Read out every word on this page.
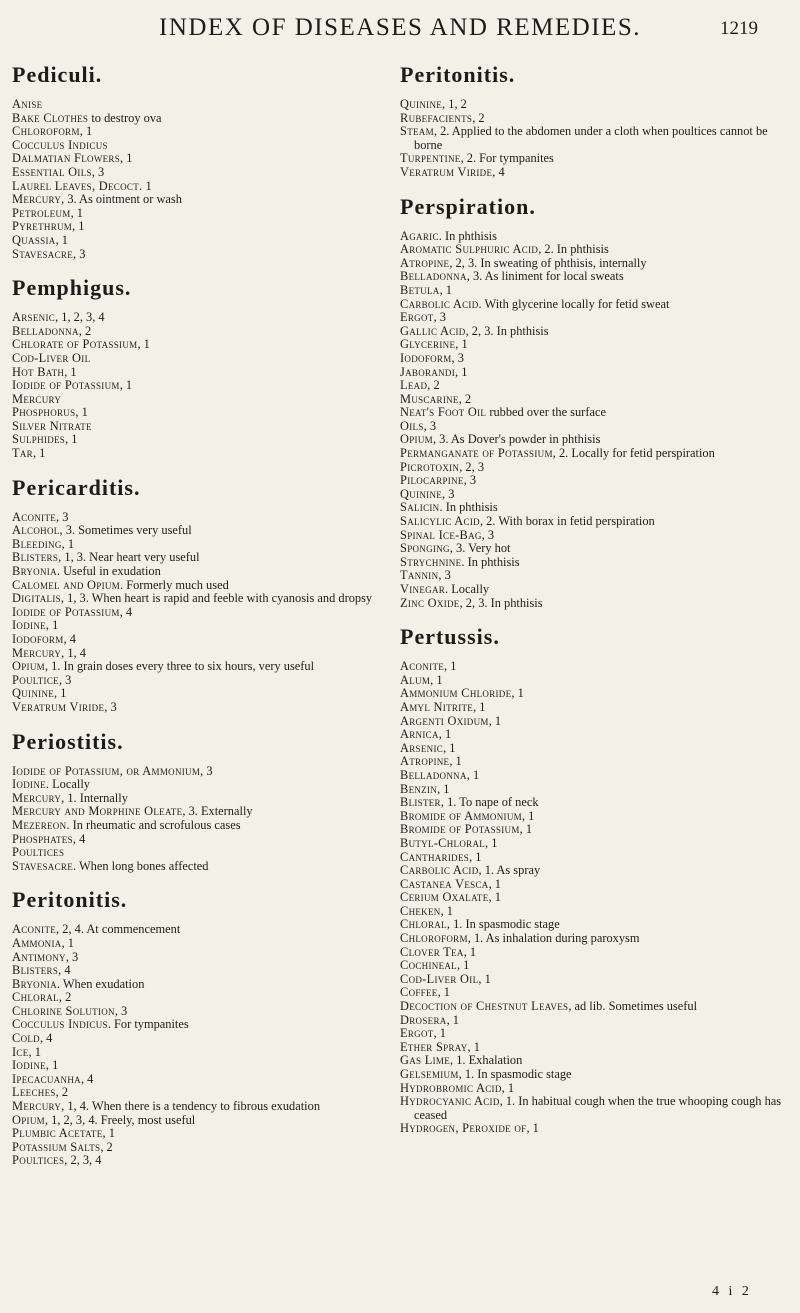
INDEX OF DISEASES AND REMEDIES.	1219
Pediculi.
Anise
Bake Clothes to destroy ova
Chloroform, 1
Cocculus Indicus
Dalmatian Flowers, 1
Essential Oils, 3
Laurel Leaves, Decoct. 1
Mercury, 3. As ointment or wash
Petroleum, 1
Pyrethrum, 1
Quassia, 1
Stavesacre, 3
Pemphigus.
Arsenic, 1, 2, 3, 4
Belladonna, 2
Chlorate of Potassium, 1
Cod-Liver Oil
Hot Bath, 1
Iodide of Potassium, 1
Mercury
Phosphorus, 1
Silver Nitrate
Sulphides, 1
Tar, 1
Pericarditis.
Aconite, 3
Alcohol, 3. Sometimes very useful
Bleeding, 1
Blisters, 1, 3. Near heart very useful
Bryonia. Useful in exudation
Calomel and Opium. Formerly much used
Digitalis, 1, 3. When heart is rapid and feeble with cyanosis and dropsy
Iodide of Potassium, 4
Iodine, 1
Iodoform, 4
Mercury, 1, 4
Opium, 1. In grain doses every three to six hours, very useful
Poultice, 3
Quinine, 1
Veratrum Viride, 3
Periostitis.
Iodide of Potassium, or Ammonium, 3
Iodine. Locally
Mercury, 1. Internally
Mercury and Morphine Oleate, 3. Externally
Mezereon. In rheumatic and scrofulous cases
Phosphates, 4
Poultices
Stavesacre. When long bones affected
Peritonitis.
Aconite, 2, 4. At commencement
Ammonia, 1
Antimony, 3
Blisters, 4
Bryonia. When exudation
Chloral, 2
Chlorine Solution, 3
Cocculus Indicus. For tympanites
Cold, 4
Ice, 1
Iodine, 1
Ipecacuanha, 4
Leeches, 2
Mercury, 1, 4. When there is a tendency to fibrous exudation
Opium, 1, 2, 3, 4. Freely, most useful
Plumbic Acetate, 1
Potassium Salts, 2
Poultices, 2, 3, 4
Peritonitis.
Quinine, 1, 2
Rubefacients, 2
Steam, 2. Applied to the abdomen under a cloth when poultices cannot be borne
Turpentine, 2. For tympanites
Veratrum Viride, 4
Perspiration.
Agaric. In phthisis
Aromatic Sulphuric Acid, 2. In phthisis
Atropine, 2, 3. In sweating of phthisis, internally
Belladonna, 3. As liniment for local sweats
Betula, 1
Carbolic Acid. With glycerine locally for fetid sweat
Ergot, 3
Gallic Acid, 2, 3. In phthisis
Glycerine, 1
Iodoform, 3
Jaborandi, 1
Lead, 2
Muscarine, 2
Neat's Foot Oil rubbed over the surface
Oils, 3
Opium, 3. As Dover's powder in phthisis
Permanganate of Potassium, 2. Locally for fetid perspiration
Picrotoxin, 2, 3
Pilocarpine, 3
Quinine, 3
Salicin. In phthisis
Salicylic Acid, 2. With borax in fetid perspiration
Spinal Ice-Bag, 3
Sponging, 3. Very hot
Strychnine. In phthisis
Tannin, 3
Vinegar. Locally
Zinc Oxide, 2, 3. In phthisis
Pertussis.
Aconite, 1
Alum, 1
Ammonium Chloride, 1
Amyl Nitrite, 1
Argenti Oxidum, 1
Arnica, 1
Arsenic, 1
Atropine, 1
Belladonna, 1
Benzin, 1
Blister, 1. To nape of neck
Bromide of Ammonium, 1
Bromide of Potassium, 1
Butyl-Chloral, 1
Cantharides, 1
Carbolic Acid, 1. As spray
Castanea Vesca, 1
Cerium Oxalate, 1
Cheken, 1
Chloral, 1. In spasmodic stage
Chloroform, 1. As inhalation during paroxysm
Clover Tea, 1
Cochineal, 1
Cod-Liver Oil, 1
Coffee, 1
Decoction of Chestnut Leaves, ad lib. Sometimes useful
Drosera, 1
Ergot, 1
Ether Spray, 1
Gas Lime, 1. Exhalation
Gelsemium, 1. In spasmodic stage
Hydrobromic Acid, 1
Hydrocyanic Acid, 1. In habitual cough when the true whooping cough has ceased
Hydrogen, Peroxide of, 1
4 i 2
